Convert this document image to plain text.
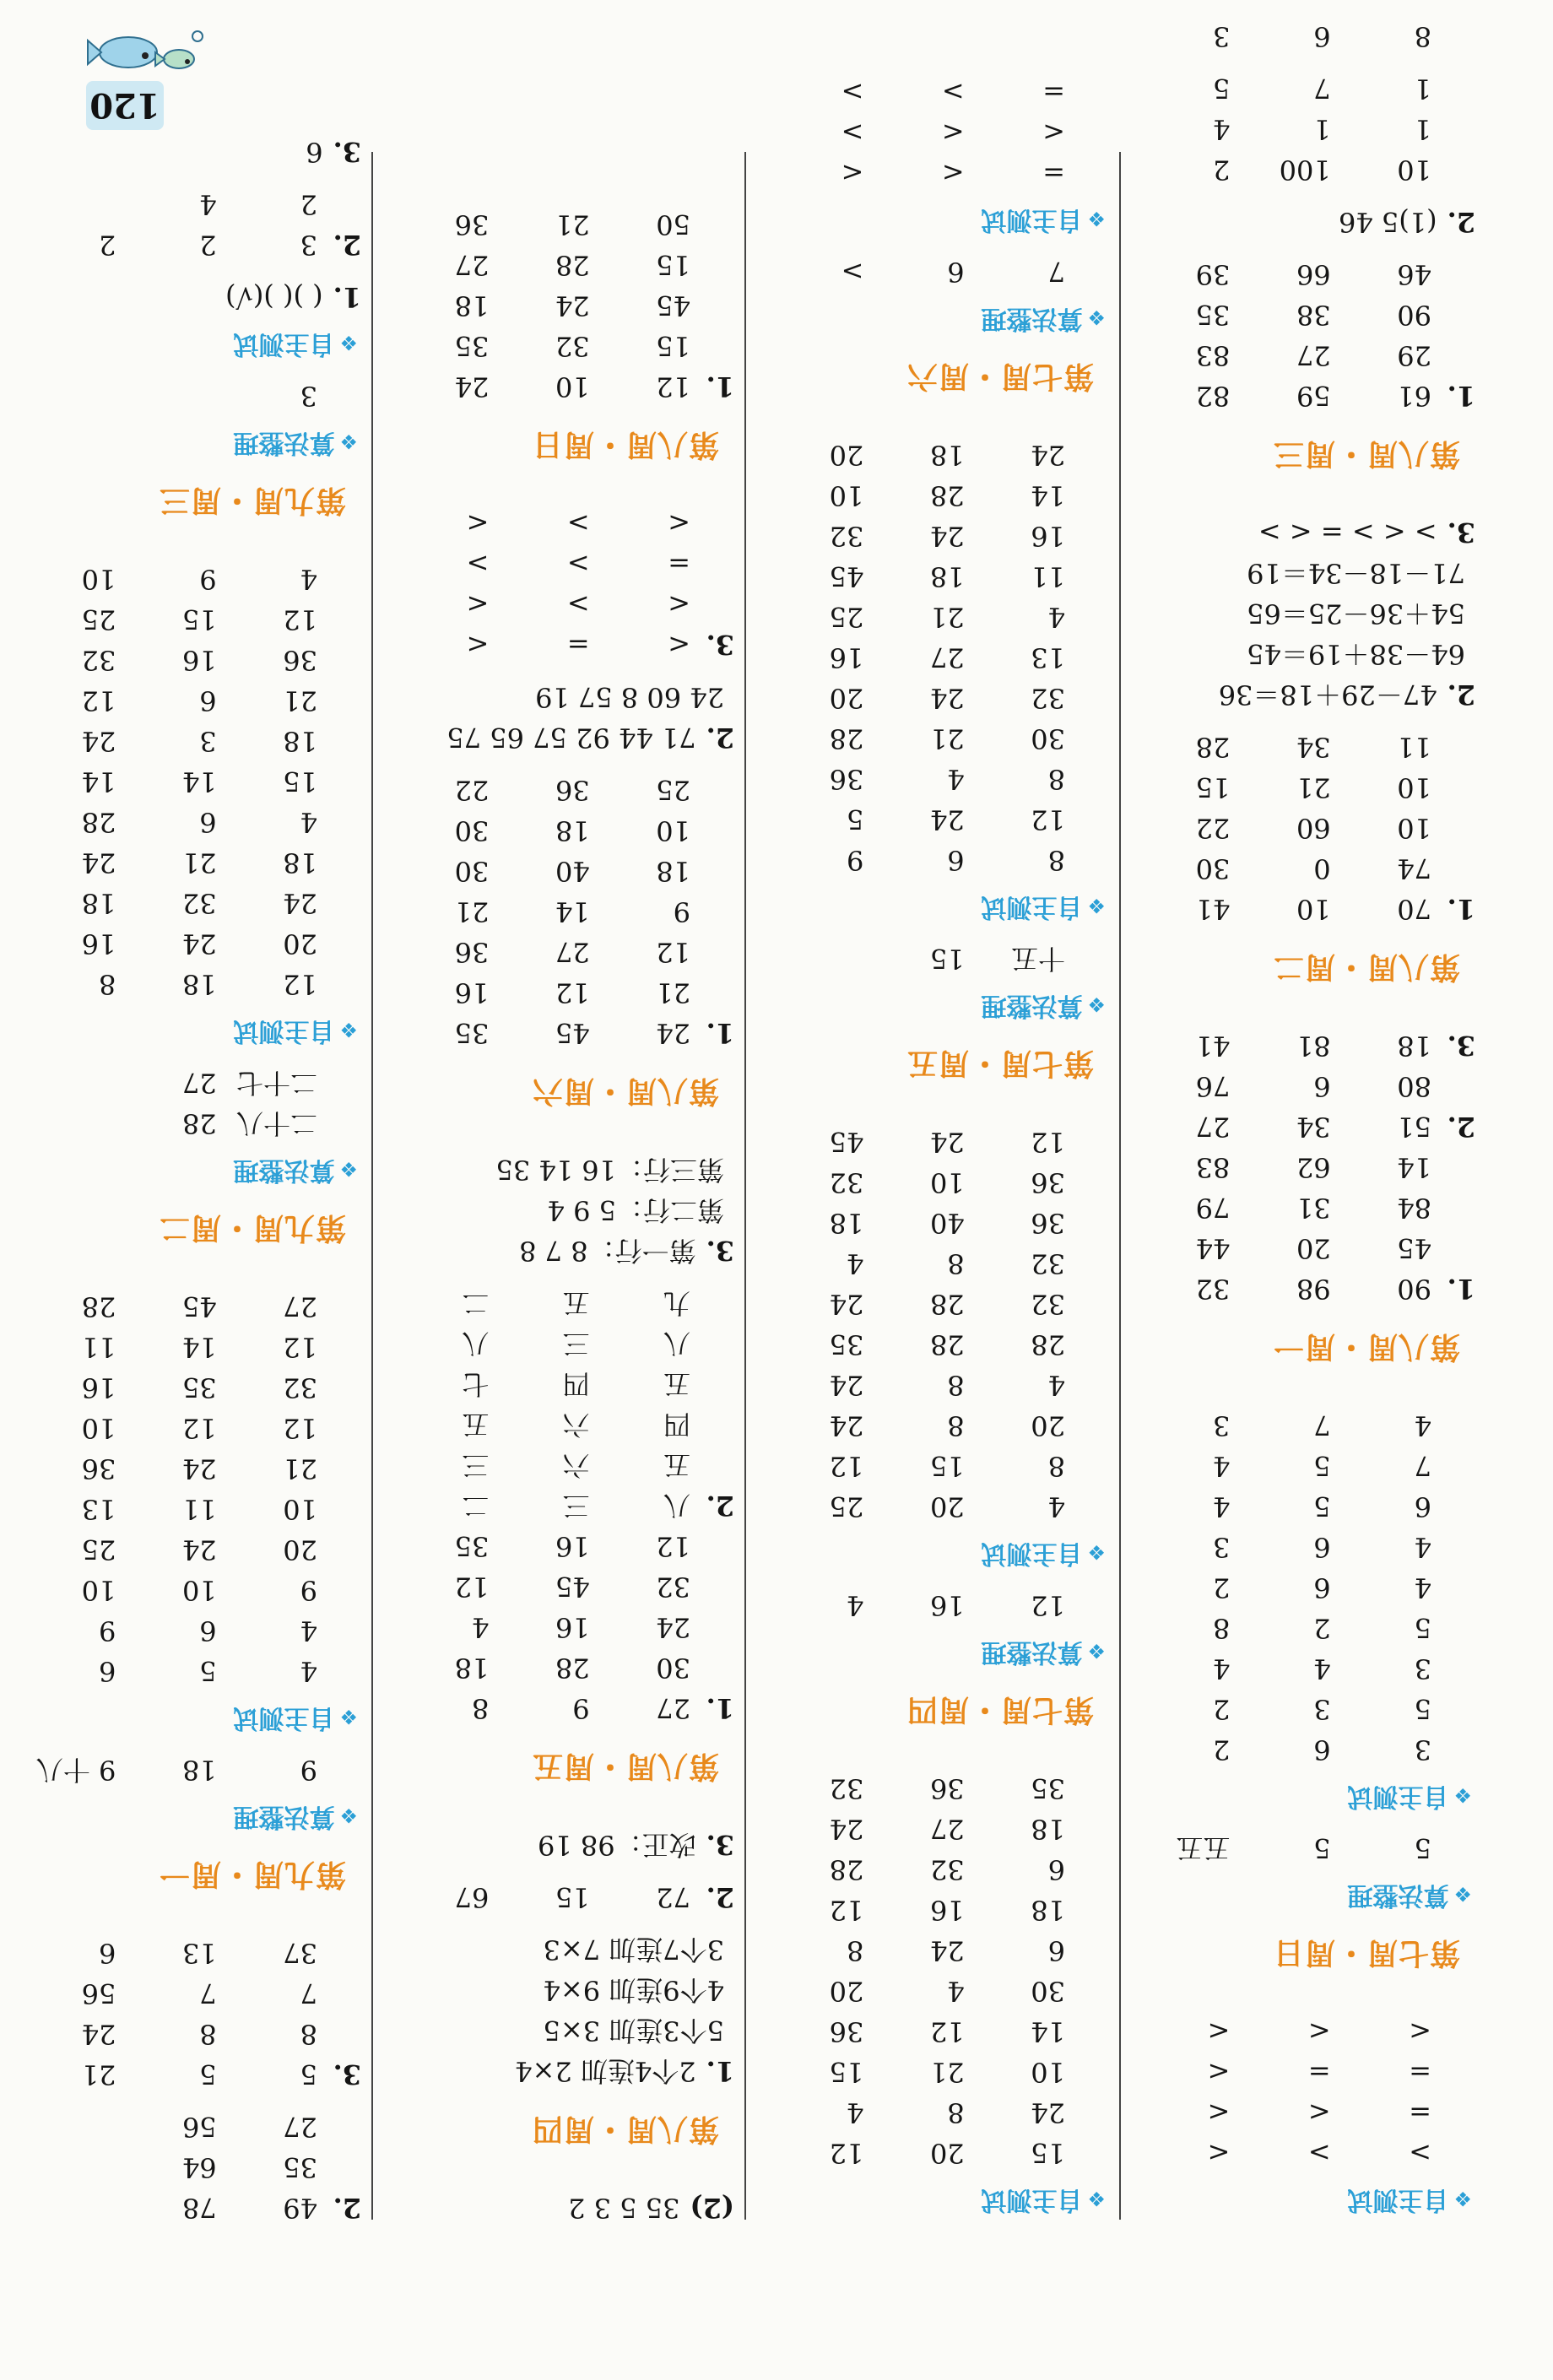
120
❖自主测试
>
>
<
=
<
<
=
=
<
<
<
<
第七周・周日
❖算法整理
5
5
五五
❖自主测试
3
6
2
5
3
2
3
4
4
5
2
8
4
6
2
4
6
3
6
5
4
7
5
4
4
7
3
第八周・周一
1.
90
98
32
45
20
44
84
31
79
14
62
83
2.
51
34
27
80
6
76
3.
18
81
41
第八周・周二
1.
70
10
41
74
0
30
10
60
22
10
21
15
11
34
28
2.47－29＋18＝36
64－38＋19＝45
54＋36－25＝65
71－18－34＝19
3.> < > = < >
第八周・周三
1.
61
59
82
29
27
83
90
38
35
46
66
39
2.(1)5 46
10
100
2
1
1
4
1
7
5
8
6
3
❖自主测试
15
20
12
24
8
4
10
21
15
14
12
36
30
4
20
6
24
8
18
16
12
6
32
28
18
27
24
35
36
32
第七周・周四
❖算法整理
12
16
4
❖自主测试
4
20
25
8
15
12
20
8
24
4
8
24
28
28
35
32
28
24
32
8
4
36
40
18
36
10
32
12
24
45
第七周・周五
❖算法整理
十五
15
❖自主测试
8
6
9
12
24
5
8
4
36
30
21
28
32
24
20
13
27
16
4
21
25
11
18
45
16
24
32
14
28
10
24
18
20
第七周・周六
❖算法整理
7
6
>
❖自主测试
=
<
<
<
<
>
=
>
>
(2)35 5 3 2
第八周・周四
1.2个4连加 2×4
5个3连加 3×5
4个9连加 9×4
3个7连加 7×3
2.
72
15
67
3.改正：98 19
第八周・周五
1.
27
9
8
30
28
18
24
16
4
32
45
12
12
16
35
2.
八
三
二
五
六
三
四
六
五
五
四
七
八
三
八
九
五
二
3.第一行：8 7 8
第二行：5 9 4
第三行：16 14 35
第八周・周六
1.
24
45
35
21
12
16
12
27
36
9
14
21
18
40
30
10
18
30
25
36
22
2.71 44 92 57 65 75
24 60 8 57 19
3.
<
=
<
<
>
<
=
>
>
<
>
<
第八周・周日
1.
12
10
24
15
32
35
45
24
18
15
28
27
50
21
36
2.
49
78
35
64
27
56
3.
5
5
21
8
8
24
7
7
56
37
13
6
第九周・周一
❖算法整理
9
18
9 十八
❖自主测试
4
5
6
4
6
9
9
10
10
20
24
25
10
11
13
21
24
36
12
12
10
32
35
16
12
14
11
27
45
28
第九周・周二
❖算法整理
二十八
28
二十七
27
❖自主测试
12
18
8
20
24
16
24
32
18
18
21
24
4
6
28
15
14
14
18
3
24
21
6
12
36
16
32
12
15
25
4
9
10
第九周・周三
❖算法整理
3
❖自主测试
1.( )( )(√)
2.
3
2
2
2
4
3.6
